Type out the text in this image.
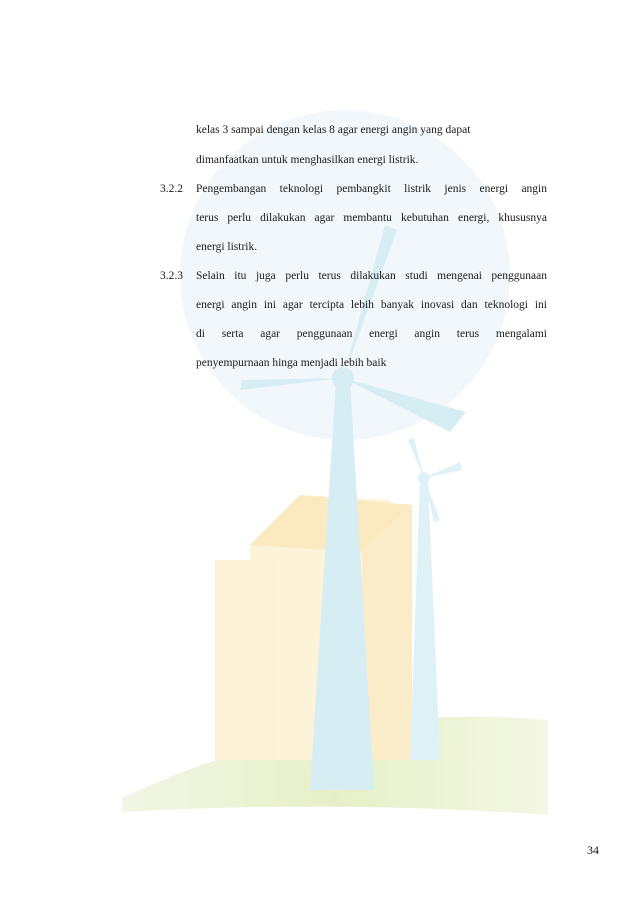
kelas 3 sampai dengan kelas 8 agar energi angin yang dapat
dimanfaatkan untuk menghasilkan energi listrik.
3.2.2 Pengembangan teknologi pembangkit listrik jenis energi angin
terus perlu dilakukan agar membantu kebutuhan energi, khususnya
energi listrik.
3.2.3 Selain itu juga perlu terus dilakukan studi mengenai penggunaan
energi angin ini agar tercipta lebih banyak inovasi dan teknologi ini
di serta agar penggunaan energi angin terus mengalami
penyempurnaan hinga menjadi lebih baik
34
